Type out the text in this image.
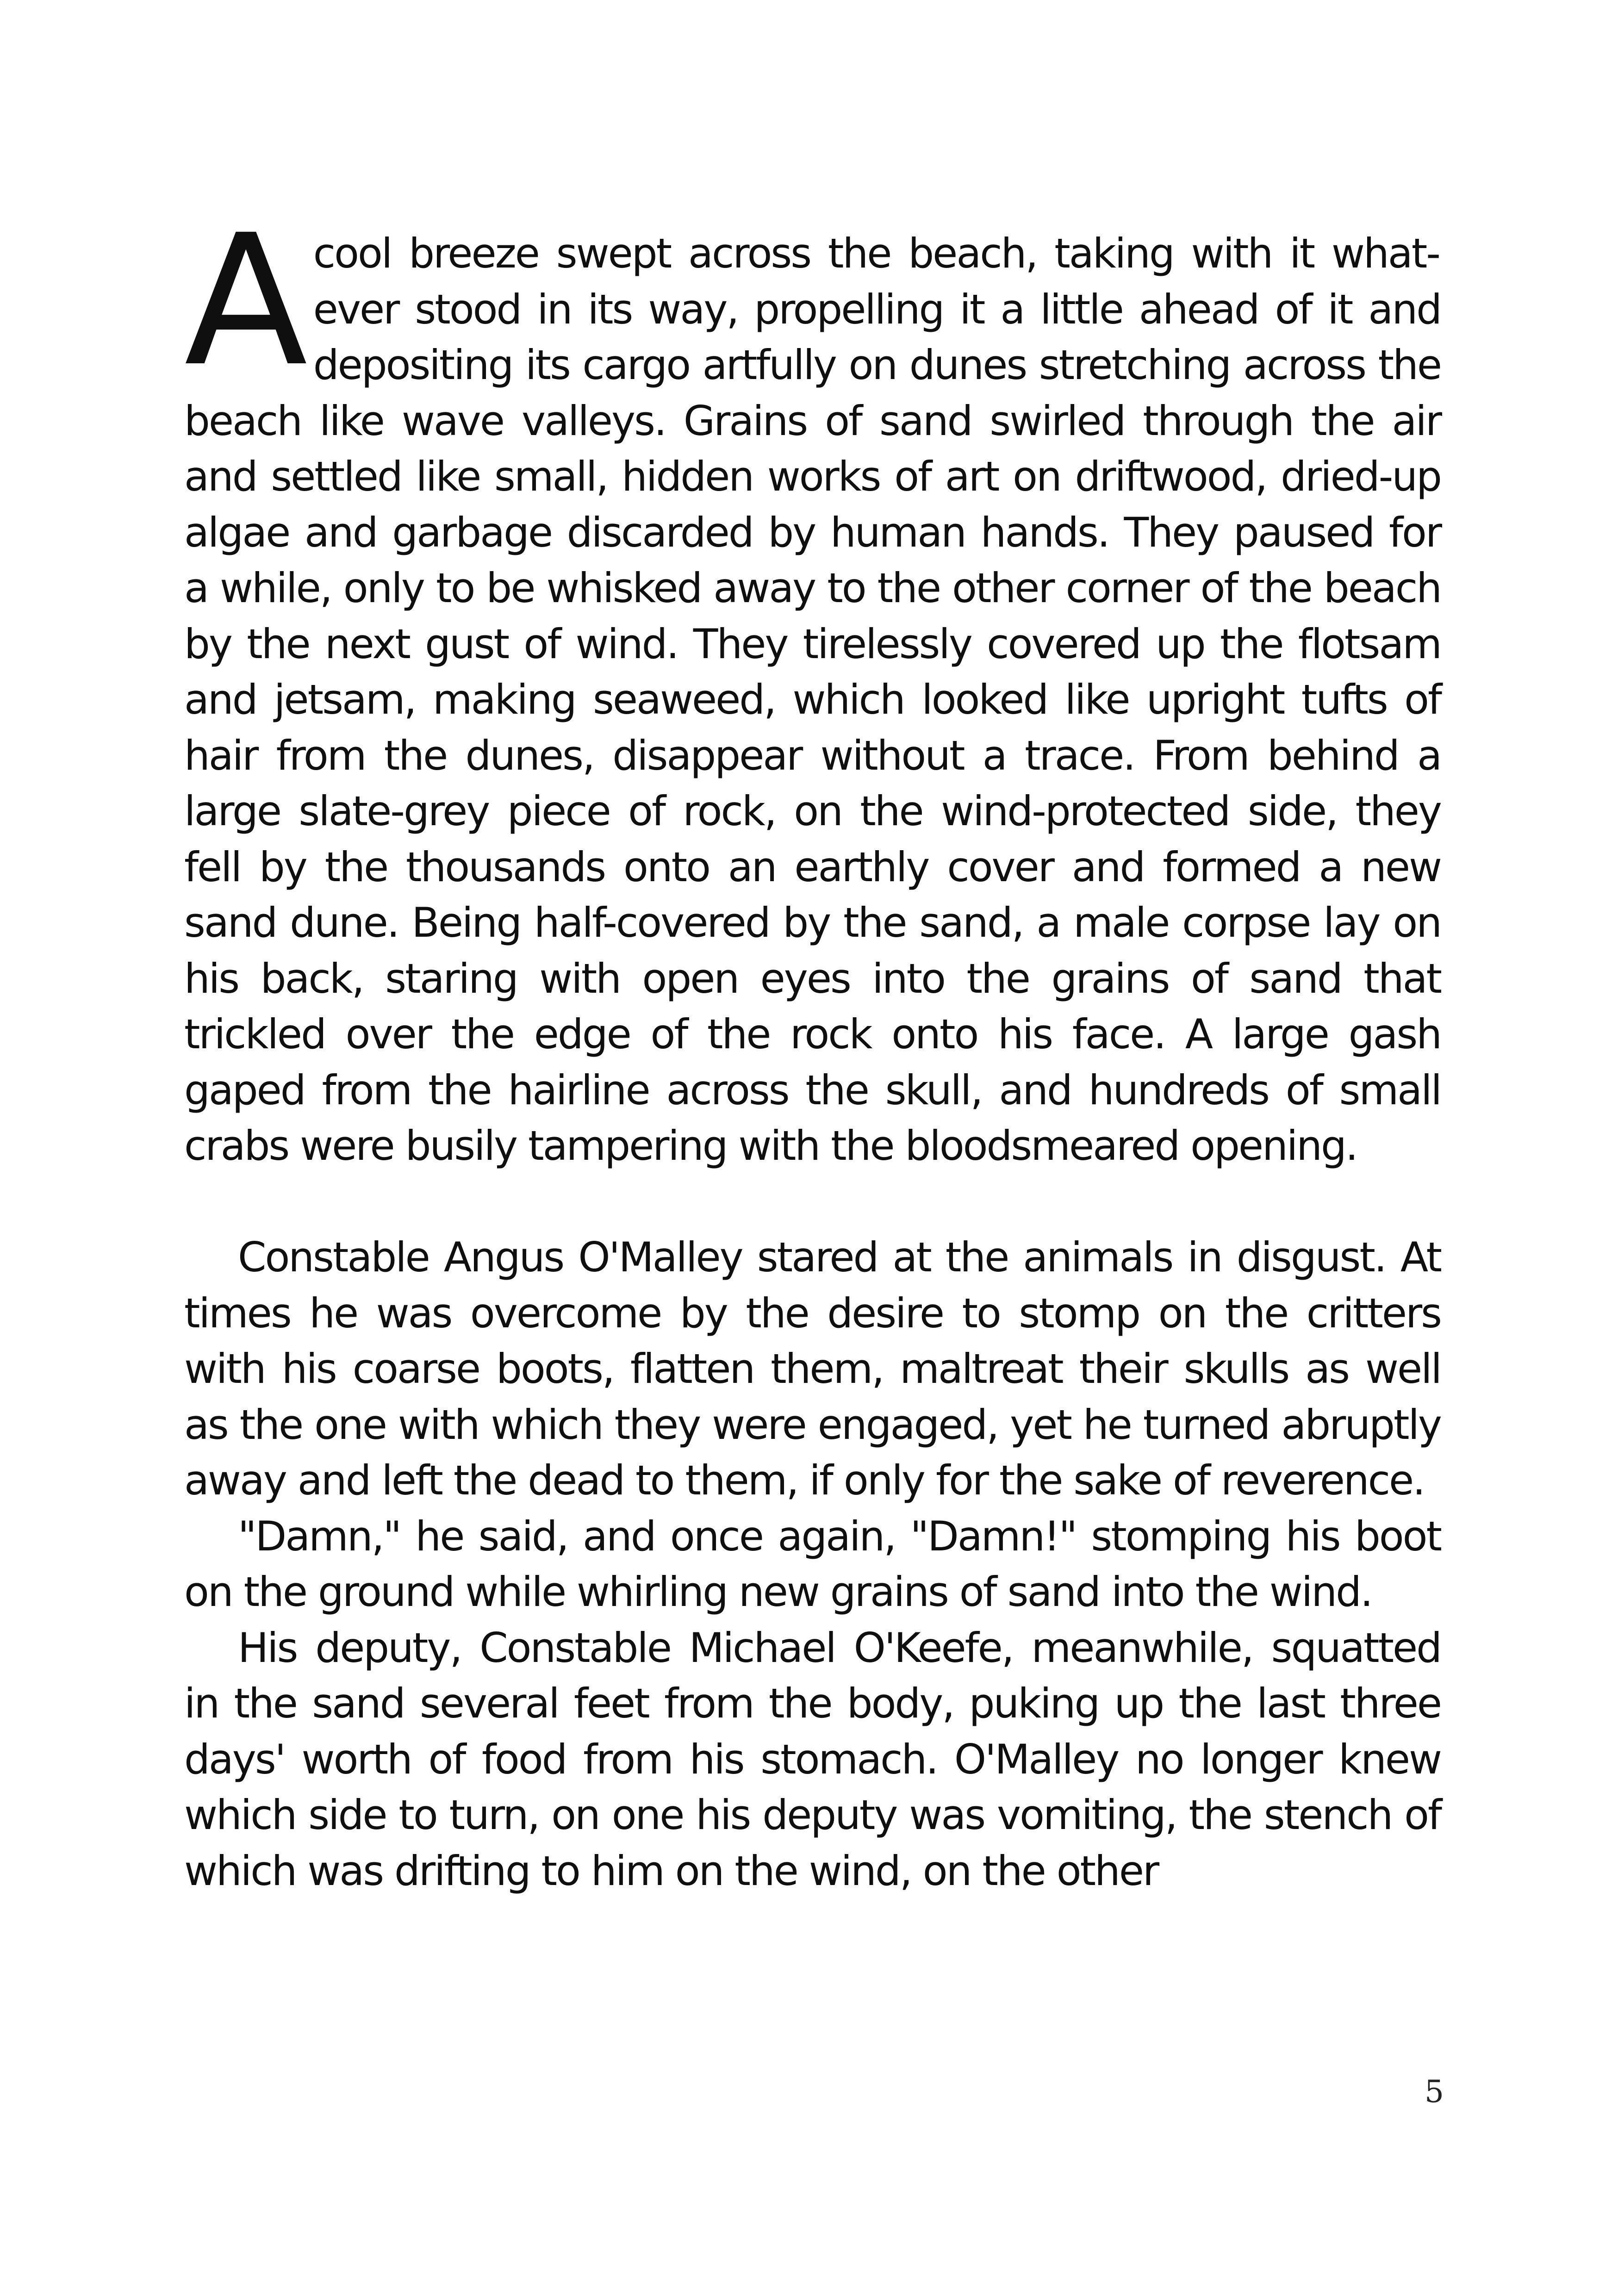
Acool breeze swept across the beach, taking with it whatever stood in its way, propelling it a little ahead of it and depositing its cargo artfully on dunes stretching across the beach like wave valleys. Grains of sand swirled through the air and settled like small, hidden works of art on driftwood, dried-up algae and garbage discarded by human hands. They paused for a while, only to be whisked away to the other corner of the beach by the next gust of wind. They tirelessly covered up the flotsam and jetsam, making seaweed, which looked like upright tufts of hair from the dunes, disappear without a trace. From behind a large slate-grey piece of rock, on the wind-protected side, they fell by the thousands onto an earthly cover and formed a new sand dune. Being half-covered by the sand, a male corpse lay on his back, staring with open eyes into the grains of sand that trickled over the edge of the rock onto his face. A large gash gaped from the hairline across the skull, and hundreds of small crabs were busily tampering with the bloodsmeared opening.

Constable Angus O'Malley stared at the animals in disgust. At times he was overcome by the desire to stomp on the critters with his coarse boots, flatten them, maltreat their skulls as well as the one with which they were engaged, yet he turned abruptly away and left the dead to them, if only for the sake of reverence.

"Damn," he said, and once again, "Damn!" stomping his boot on the ground while whirling new grains of sand into the wind.

His deputy, Constable Michael O'Keefe, meanwhile, squatted in the sand several feet from the body, puking up the last three days' worth of food from his stomach. O'Malley no longer knew which side to turn, on one his deputy was vomiting, the stench of which was drifting to him on the wind, on the other

5
